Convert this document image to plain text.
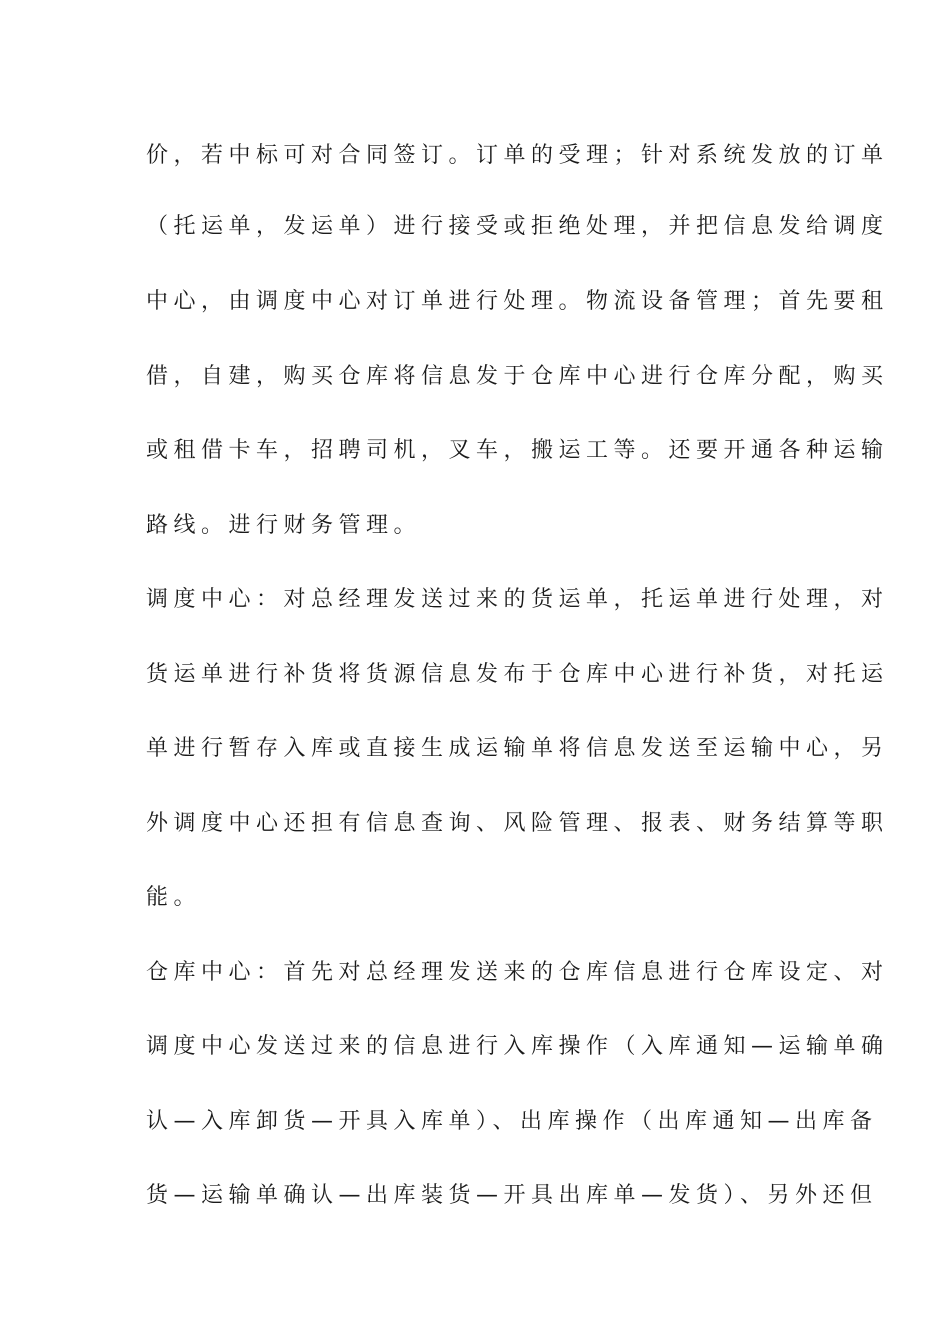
价，若中标可对合同签订。订单的受理；针对系统发放的订单

（托运单，发运单）进行接受或拒绝处理，并把信息发给调度

中心，由调度中心对订单进行处理。物流设备管理；首先要租

借，自建，购买仓库将信息发于仓库中心进行仓库分配，购买

或租借卡车，招聘司机，叉车，搬运工等。还要开通各种运输

路线。进行财务管理。

调度中心：对总经理发送过来的货运单，托运单进行处理，对

货运单进行补货将货源信息发布于仓库中心进行补货，对托运

单进行暂存入库或直接生成运输单将信息发送至运输中心，另

外调度中心还担有信息查询、风险管理、报表、财务结算等职

能。

仓库中心：首先对总经理发送来的仓库信息进行仓库设定、对

调度中心发送过来的信息进行入库操作（入库通知—运输单确

认—入库卸货—开具入库单）、出库操作（出库通知—出库备

货—运输单确认—出库装货—开具出库单—发货）、另外还但
